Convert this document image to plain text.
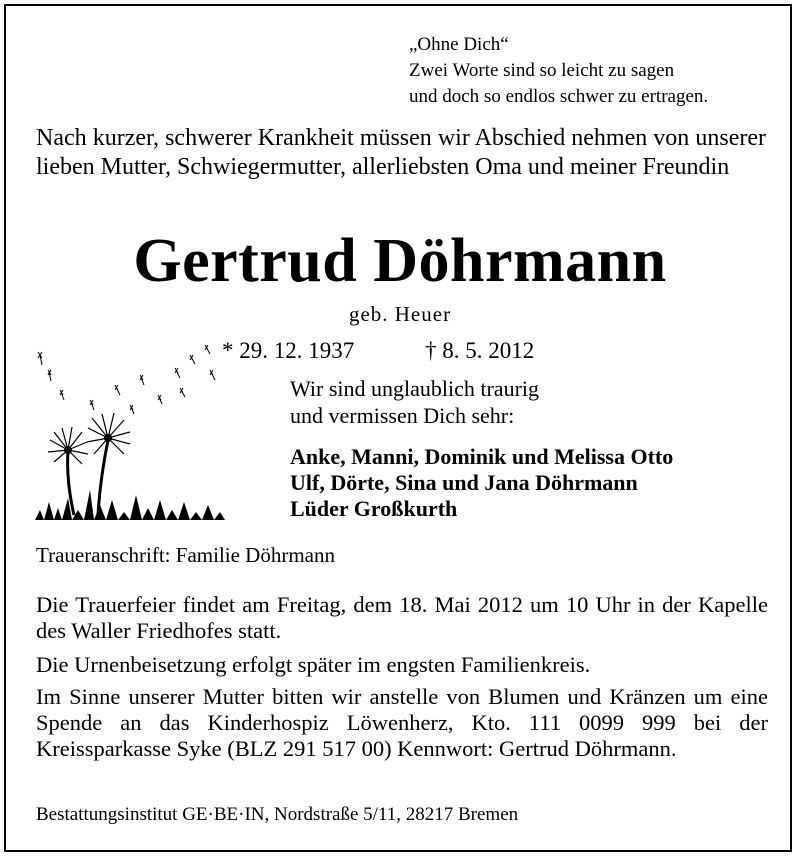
„Ohne Dich“
Zwei Worte sind so leicht zu sagen
und doch so endlos schwer zu ertragen.
Nach kurzer, schwerer Krankheit müssen wir Abschied nehmen von unserer lieben Mutter, Schwiegermutter, allerliebsten Oma und meiner Freundin
Gertrud Döhrmann
geb. Heuer
* 29. 12. 1937	† 8. 5. 2012
Wir sind unglaublich traurig
und vermissen Dich sehr:
Anke, Manni, Dominik und Melissa Otto
Ulf, Dörte, Sina und Jana Döhrmann
Lüder Großkurth
Traueranschrift: Familie Döhrmann
Die Trauerfeier findet am Freitag, dem 18. Mai 2012 um 10 Uhr in der Kapelle des Waller Friedhofes statt.
Die Urnenbeisetzung erfolgt später im engsten Familienkreis.
Im Sinne unserer Mutter bitten wir anstelle von Blumen und Kränzen um eine Spende an das Kinderhospiz Löwenherz, Kto. 111 0099 999 bei der Kreissparkasse Syke (BLZ 291 517 00) Kennwort: Gertrud Döhrmann.
Bestattungsinstitut GE·BE·IN, Nordstraße 5/11, 28217 Bremen
